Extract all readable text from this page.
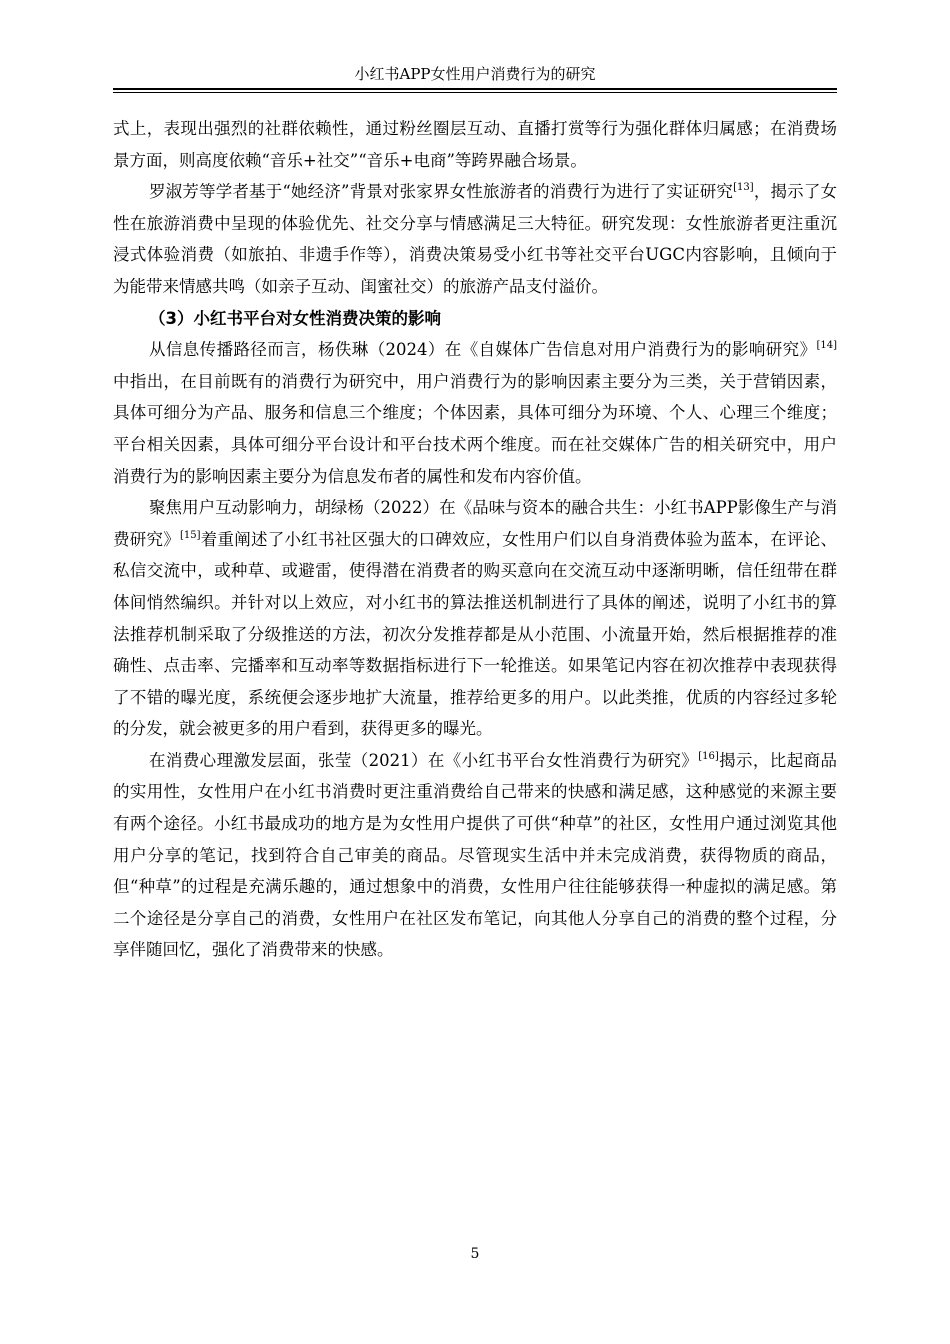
小红书APP女性用户消费行为的研究

式上，表现出强烈的社群依赖性，通过粉丝圈层互动、直播打赏等行为强化群体归属感；在消费场景方面，则高度依赖“音乐+社交”“音乐+电商”等跨界融合场景。

罗淑芳等学者基于“她经济”背景对张家界女性旅游者的消费行为进行了实证研究[13]，揭示了女性在旅游消费中呈现的体验优先、社交分享与情感满足三大特征。研究发现：女性旅游者更注重沉浸式体验消费（如旅拍、非遗手作等），消费决策易受小红书等社交平台UGC内容影响，且倾向于为能带来情感共鸣（如亲子互动、闺蜜社交）的旅游产品支付溢价。

（3）小红书平台对女性消费决策的影响

从信息传播路径而言，杨佚琳（2024）在《自媒体广告信息对用户消费行为的影响研究》[14]中指出，在目前既有的消费行为研究中，用户消费行为的影响因素主要分为三类，关于营销因素，具体可细分为产品、服务和信息三个维度；个体因素，具体可细分为环境、个人、心理三个维度；平台相关因素，具体可细分平台设计和平台技术两个维度。而在社交媒体广告的相关研究中，用户消费行为的影响因素主要分为信息发布者的属性和发布内容价值。

聚焦用户互动影响力，胡绿杨（2022）在《品味与资本的融合共生：小红书APP影像生产与消费研究》[15]着重阐述了小红书社区强大的口碑效应，女性用户们以自身消费体验为蓝本，在评论、私信交流中，或种草、或避雷，使得潜在消费者的购买意向在交流互动中逐渐明晰，信任纽带在群体间悄然编织。并针对以上效应，对小红书的算法推送机制进行了具体的阐述，说明了小红书的算法推荐机制采取了分级推送的方法，初次分发推荐都是从小范围、小流量开始，然后根据推荐的准 确性、点击率、完播率和互动率等数据指标进行下一轮推送。如果笔记内容在初次推荐中表现获得了不错的曝光度，系统便会逐步地扩大流量，推荐给更多的用户。以此类推，优质的内容经过多轮的分发，就会被更多的用户看到，获得更多的曝光。

在消费心理激发层面，张莹（2021）在《小红书平台女性消费行为研究》[16]揭示，比起商品的实用性，女性用户在小红书消费时更注重消费给自己带来的快感和满足感，这种感觉的来源主要有两个途径。小红书最成功的地方是为女性用户提供了可供“种草”的社区，女性用户通过浏览其他用户分享的笔记，找到符合自己审美的商品。尽管现实生活中并未完成消费，获得物质的商品，但“种草”的过程是充满乐趣的，通过想象中的消费，女性用户往往能够获得一种虚拟的满足感。第二个途径是分享自己的消费，女性用户在社区发布笔记，向其他人分享自己的消费的整个过程，分享伴随回忆，强化了消费带来的快感。

5
